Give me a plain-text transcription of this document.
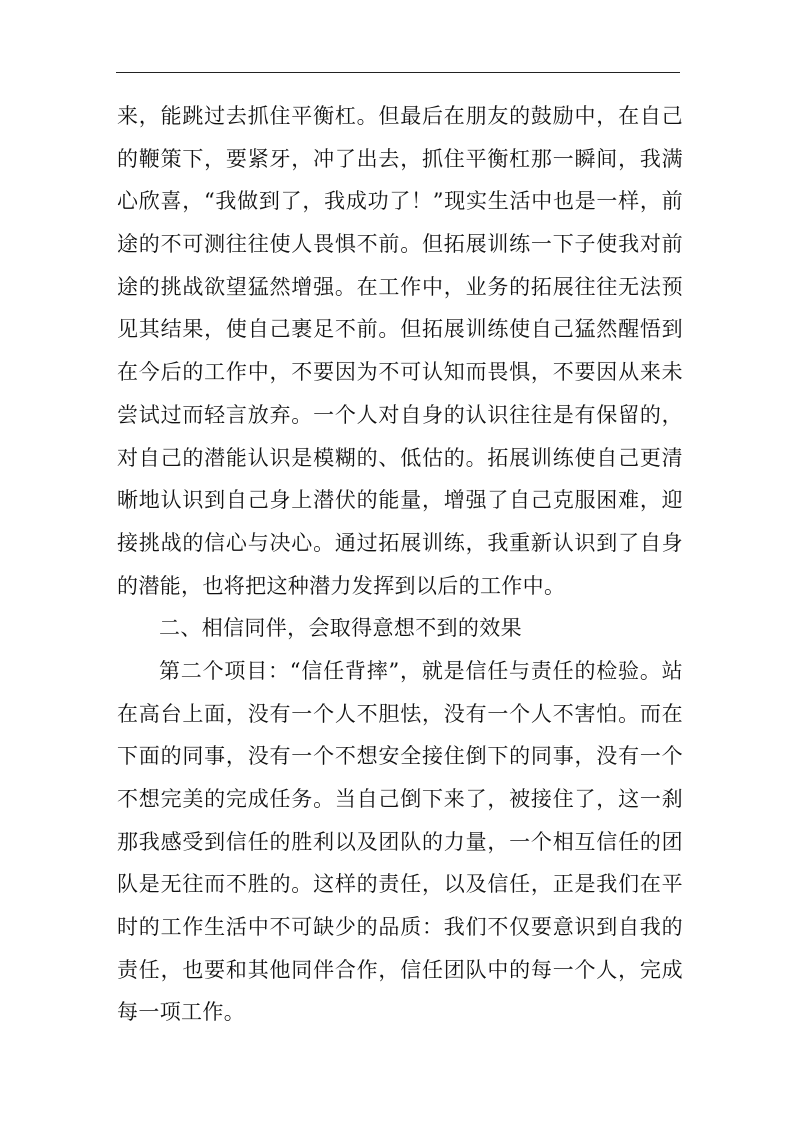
来，能跳过去抓住平衡杠。但最后在朋友的鼓励中，在自己
的鞭策下，要紧牙，冲了出去，抓住平衡杠那一瞬间，我满
心欣喜，“我做到了，我成功了！”现实生活中也是一样，前
途的不可测往往使人畏惧不前。但拓展训练一下子使我对前
途的挑战欲望猛然增强。在工作中，业务的拓展往往无法预
见其结果，使自己裹足不前。但拓展训练使自己猛然醒悟到
在今后的工作中，不要因为不可认知而畏惧，不要因从来未
尝试过而轻言放弃。一个人对自身的认识往往是有保留的，
对自己的潜能认识是模糊的、低估的。拓展训练使自己更清
晰地认识到自己身上潜伏的能量，增强了自己克服困难，迎
接挑战的信心与决心。通过拓展训练，我重新认识到了自身
的潜能，也将把这种潜力发挥到以后的工作中。
二、相信同伴，会取得意想不到的效果
第二个项目：“信任背摔”，就是信任与责任的检验。站
在高台上面，没有一个人不胆怯，没有一个人不害怕。而在
下面的同事，没有一个不想安全接住倒下的同事，没有一个
不想完美的完成任务。当自己倒下来了，被接住了，这一刹
那我感受到信任的胜利以及团队的力量，一个相互信任的团
队是无往而不胜的。这样的责任，以及信任，正是我们在平
时的工作生活中不可缺少的品质：我们不仅要意识到自我的
责任，也要和其他同伴合作，信任团队中的每一个人，完成
每一项工作。
